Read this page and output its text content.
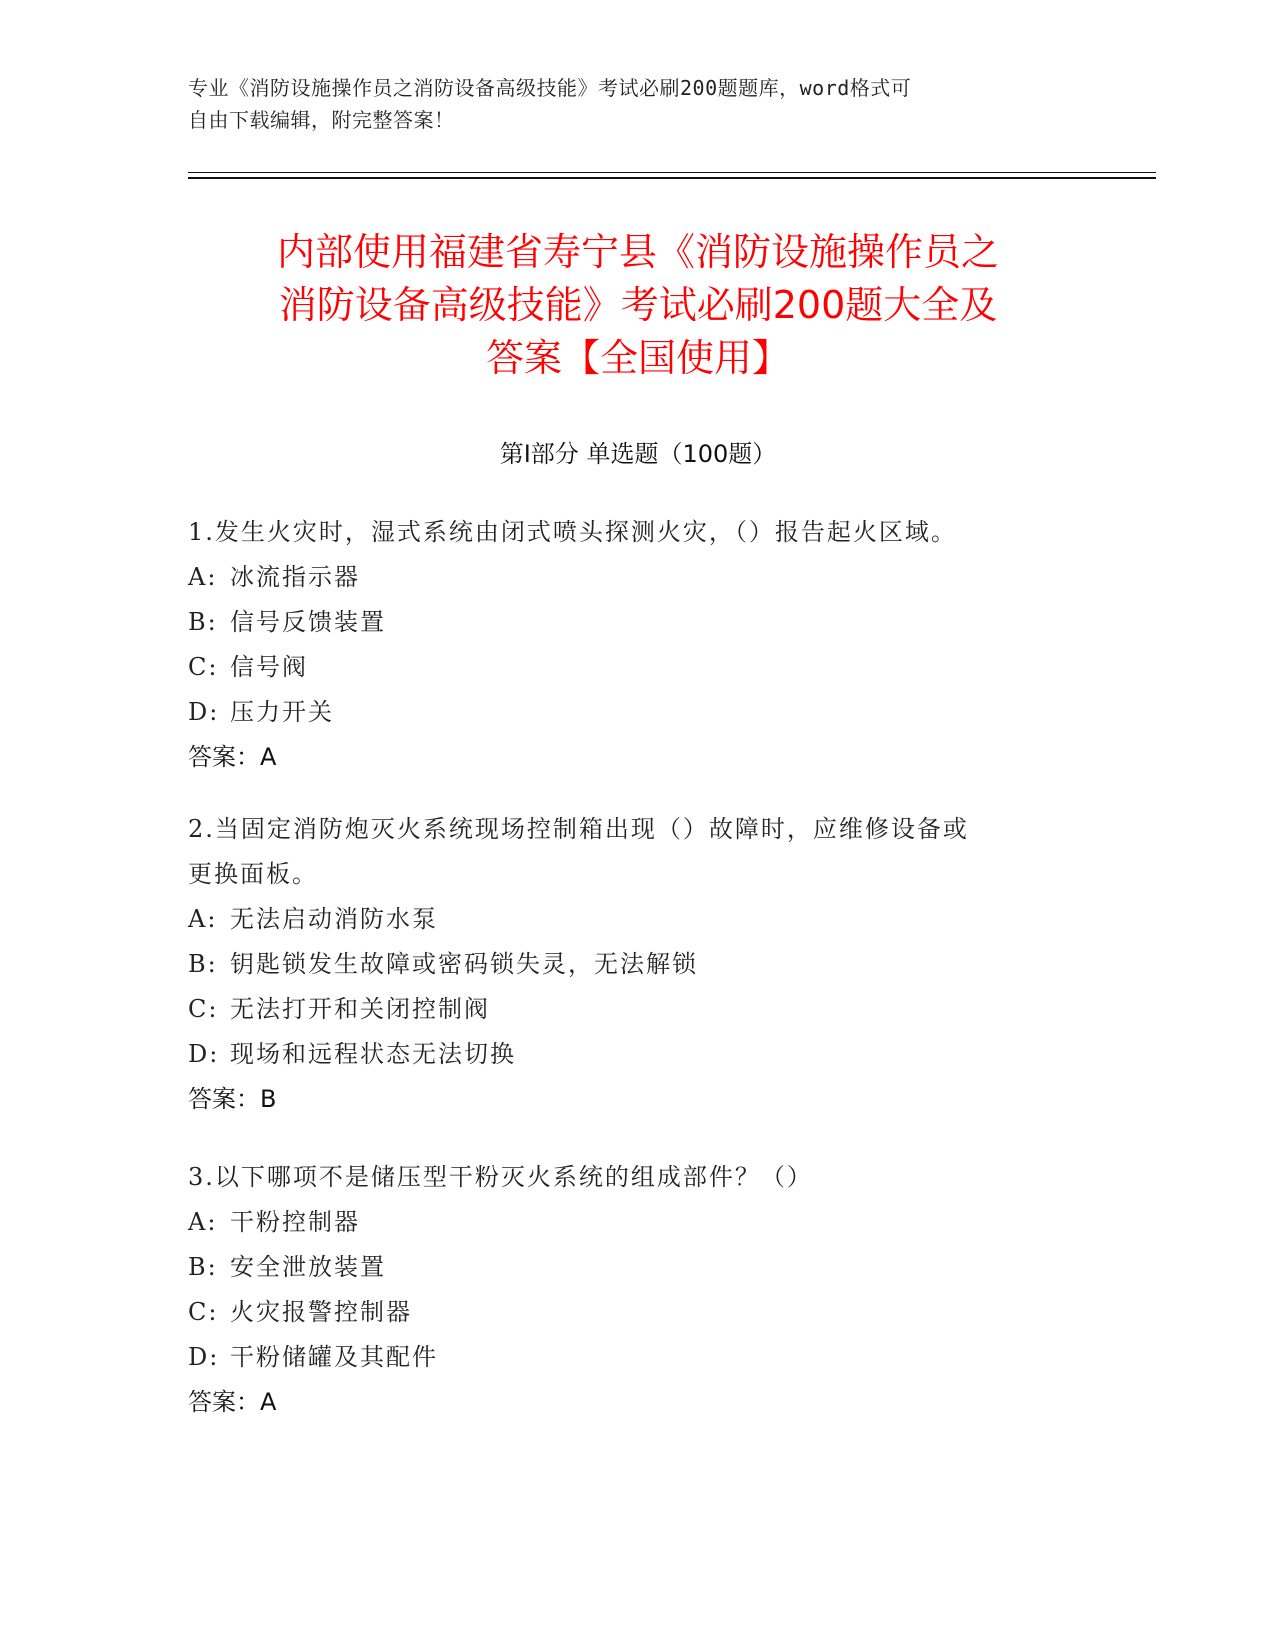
专业《消防设施操作员之消防设备高级技能》考试必刷200题题库，word格式可
自由下载编辑，附完整答案！
内部使用福建省寿宁县《消防设施操作员之
消防设备高级技能》考试必刷200题大全及
答案【全国使用】
第I部分 单选题（100题）
1.发生火灾时，湿式系统由闭式喷头探测火灾，（）报告起火区域。
A: 冰流指示器
B: 信号反馈装置
C: 信号阀
D: 压力开关
答案：A
2.当固定消防炮灭火系统现场控制箱出现（）故障时，应维修设备或
更换面板。
A: 无法启动消防水泵
B: 钥匙锁发生故障或密码锁失灵，无法解锁
C: 无法打开和关闭控制阀
D: 现场和远程状态无法切换
答案：B
3.以下哪项不是储压型干粉灭火系统的组成部件？（）
A: 干粉控制器
B: 安全泄放装置
C: 火灾报警控制器
D: 干粉储罐及其配件
答案：A
